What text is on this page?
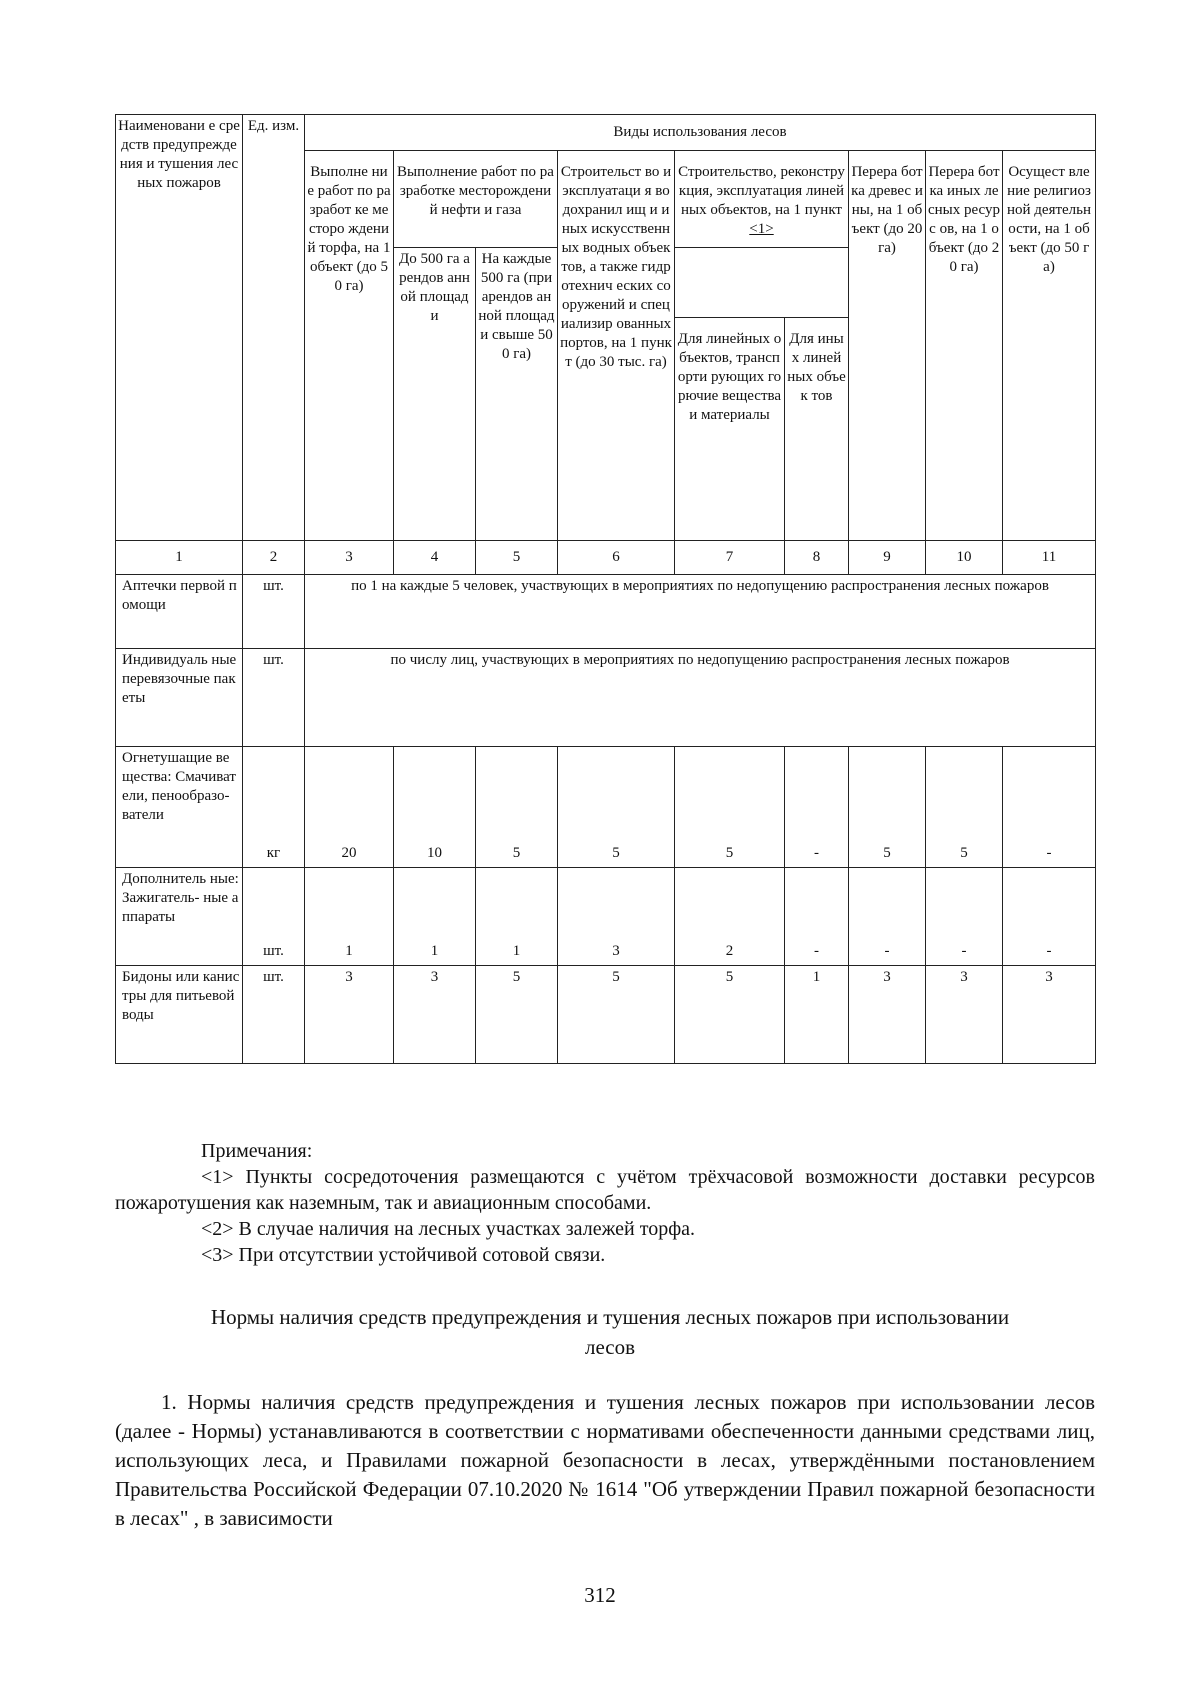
Наименовани е средств предупрежде ния и тушения лесных пожаров	Ед. изм.	Виды использования лесов								
		Выполне ние работ по разработ ке месторо ждений торфа, на 1 объект (до 50 га)	Выполнение работ по разработке месторождений нефти и газа		Строительст во и эксплуатаци я водохранил ищ и иных искусственн ых водных объектов, а также гидротехнич еских сооружений и специализир ованных портов, на 1 пункт (до 30 тыс. га)	Строительство, реконструкция, эксплуатация линейных объектов, на 1 пункт <1>		Перера ботка древес ины, на 1 объект (до 20 га)	Перера ботка иных лесных ресурс ов, на 1 объект (до 20 га)	Осущест вление религиоз ной деятельн ости, на 1 объект (до 50 га)
			До 500 га арендов анной площад и	На каждые 500 га (при арендов анной площад и свыше 500 га)						
						Для линейных объектов, транспорти рующих горючие вещества и материалы	Для иных линей ных объек тов			
1	2	3	4	5	6	7	8	9	10	11
Аптечки первой помощи	шт.	по 1 на каждые 5 человек, участвующих в мероприятиях по недопущению распространения лесных пожаров								
Индивидуаль ные перевязочные пакеты	шт.	по числу лиц, участвующих в мероприятиях по недопущению распространения лесных пожаров								
Огнетушащие вещества: Смачиватели, пенообразо- ватели	кг	20	10	5	5	5	-	5	5	-
Дополнитель ные: Зажигатель- ные аппараты	шт.	1	1	1	3	2	-	-	-	-
Бидоны или канистры для питьевой воды	шт.	3	3	5	5	5	1	3	3	3

Примечания:

<1> Пункты сосредоточения размещаются с учётом трёхчасовой возможности доставки ресурсов пожаротушения как наземным, так и авиационным способами.

<2> В случае наличия на лесных участках залежей торфа.

<3> При отсутствии устойчивой сотовой связи.

Нормы наличия средств предупреждения и тушения лесных пожаров при использовании лесов

1. Нормы наличия средств предупреждения и тушения лесных пожаров при использовании лесов (далее - Нормы) устанавливаются в соответствии с нормативами обеспеченности данными средствами лиц, использующих леса, и Правилами пожарной безопасности в лесах, утверждёнными постановлением Правительства Российской Федерации 07.10.2020 № 1614 "Об утверждении Правил пожарной безопасности в лесах" , в зависимости

312
